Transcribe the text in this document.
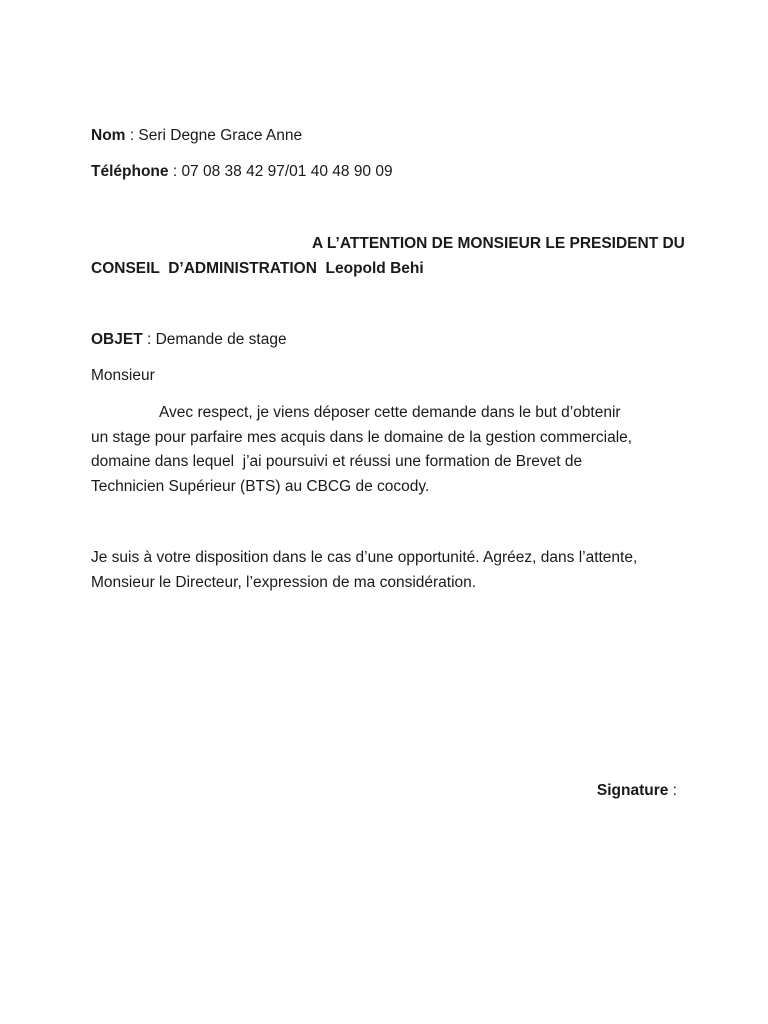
Nom : Seri Degne Grace Anne
Téléphone : 07 08 38 42 97/01 40 48 90 09
A L’ATTENTION DE MONSIEUR LE PRESIDENT DU
CONSEIL  D’ADMINISTRATION  Leopold Behi
OBJET : Demande de stage
Monsieur
Avec respect, je viens déposer cette demande dans le but d’obtenir
un stage pour parfaire mes acquis dans le domaine de la gestion commerciale,
domaine dans lequel  j’ai poursuivi et réussi une formation de Brevet de
Technicien Supérieur (BTS) au CBCG de cocody.
Je suis à votre disposition dans le cas d’une opportunité. Agréez, dans l’attente,
Monsieur le Directeur, l’expression de ma considération.
Signature :
